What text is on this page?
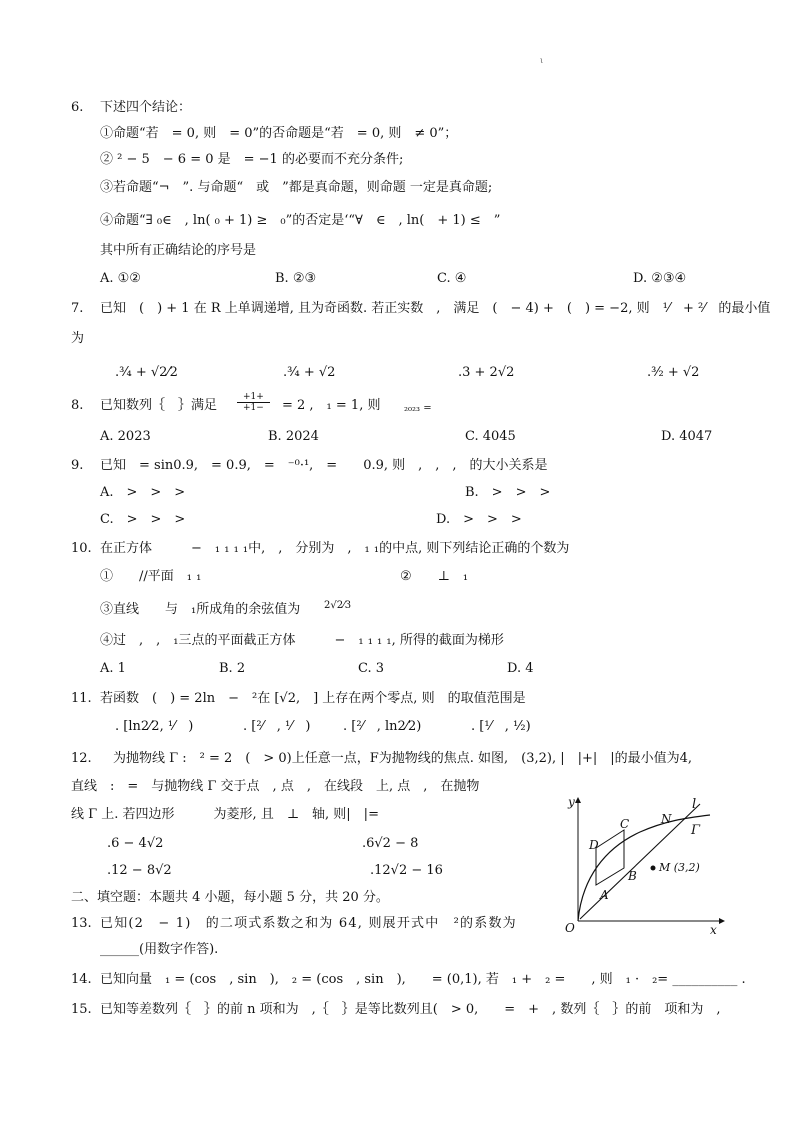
ι
6. 下述四个结论：
①命题“若　= 0, 则　= 0”的否命题是“若　= 0, 则　≠ 0”；
② ² − 5　− 6 = 0 是　= −1 的必要而不充分条件;
③若命题“¬　”. 与命题“　或　”都是真命题，则命题 一定是真命题;
④命题“∃ ₀∈　, ln( ₀ + 1) ≥　₀”的否定是‘“∀　∈　, ln(　+ 1) ≤　”
其中所有正确结论的序号是
A. ①②	B. ②③	C. ④	D. ②③④
7. 已知　(　) + 1 在 R 上单调递增, 且为奇函数. 若正实数　,　满足　(　− 4) +　(　) = −2, 则　¹⁄　+ ²⁄　的最小值
为
.³⁄₄ + √2⁄2	.³⁄₄ + √2	.3 + 2√2	.³⁄₂ + √2
8. 已知数列｛　｝满足
+1+
+1−	= 2 ,　₁ = 1, 则 ₂₀₂₃ =
A. 2023	B. 2024	C. 4045	D. 4047
9. 已知　= sin0.9,　= 0.9,　=　⁻⁰·¹,　=　　0.9, 则　,　,　,　的大小关系是
A.　>　>　>	B.　>　>　>
C.　>　>　>	D.　>　>　>
10. 在正方体　　　−　₁ ₁ ₁ ₁中,　,　分别为　,　₁ ₁的中点, 则下列结论正确的个数为
①　　//平面　₁ ₁	②　　⊥　₁
③直线　　与　₁所成角的余弦值为 2√2⁄3
④过　,　,　₁三点的平面截正方体　　　−　₁ ₁ ₁ ₁, 所得的截面为梯形
A. 1	B. 2	C. 3	D. 4
11. 若函数　(　) = 2ln　−　²在 [√2,　] 上存在两个零点, 则　的取值范围是
. [ln2⁄2, ¹⁄　)	. [²⁄　, ¹⁄　)	. [²⁄　, ln2⁄2)	. [¹⁄　, ¹⁄₂)
12. 　为抛物线 Γ :　² = 2　(　> 0)上任意一点，F为抛物线的焦点. 如图,　(3,2), |　|+|　|的最小值为4,
直线　:　=　与抛物线 Γ 交于点　, 点　,　在线段　上, 点　,　在抛物
线 Γ 上. 若四边形　　　为菱形, 且　⊥　轴, 则|　|=
.6 − 4√2	.6√2 − 8
.12 − 8√2	.12√2 − 16
y
x
O
l
Γ
N
C
D
B
A
M (3,2)
二、填空题：本题共 4 小题，每小题 5 分，共 20 分。
13. 已知(2　− 1)　的二项式系数之和为 64, 则展开式中　²的系数为
______(用数字作答).
14. 已知向量　₁ = (cos　, sin　),　₂ = (cos　, sin　),　　= (0,1), 若　₁ +　₂ =　　, 则　₁ ·　₂= __________ .
15. 已知等差数列｛　｝的前 n 项和为　,｛　｝是等比数列且(　> 0,　　=　+　, 数列｛　｝的前　项和为　,
